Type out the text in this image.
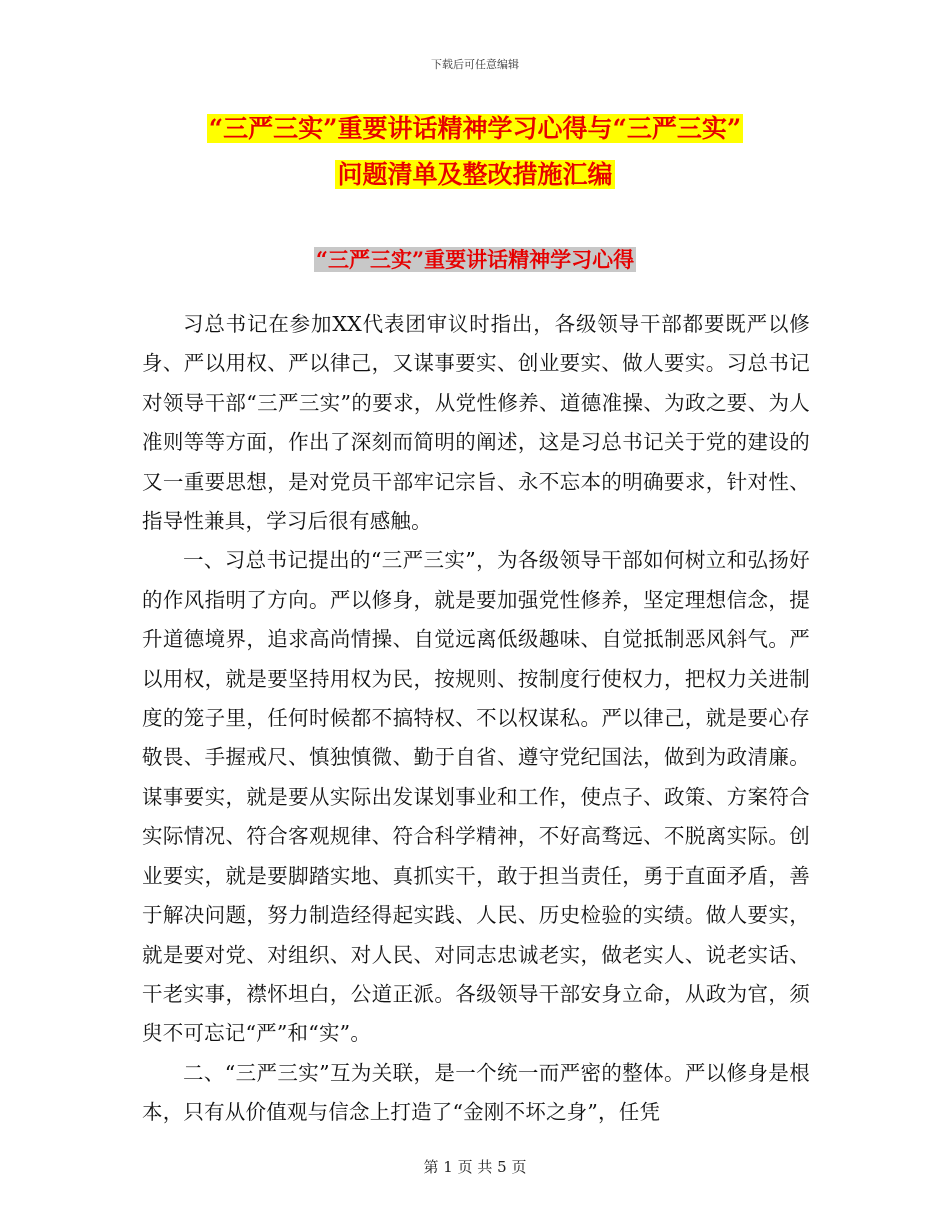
下载后可任意编辑
“三严三实”重要讲话精神学习心得与“三严三实”
问题清单及整改措施汇编
“三严三实”重要讲话精神学习心得

习总书记在参加XX代表团审议时指出，各级领导干部都要既严以修身、严以用权、严以律己，又谋事要实、创业要实、做人要实。习总书记对领导干部“三严三实”的要求，从党性修养、道德准操、为政之要、为人准则等等方面，作出了深刻而简明的阐述，这是习总书记关于党的建设的又一重要思想，是对党员干部牢记宗旨、永不忘本的明确要求，针对性、指导性兼具，学习后很有感触。

一、习总书记提出的“三严三实”，为各级领导干部如何树立和弘扬好的作风指明了方向。严以修身，就是要加强党性修养，坚定理想信念，提升道德境界，追求高尚情操、自觉远离低级趣味、自觉抵制恶风斜气。严以用权，就是要坚持用权为民，按规则、按制度行使权力，把权力关进制度的笼子里，任何时候都不搞特权、不以权谋私。严以律己，就是要心存敬畏、手握戒尺、慎独慎微、勤于自省、遵守党纪国法，做到为政清廉。谋事要实，就是要从实际出发谋划事业和工作，使点子、政策、方案符合实际情况、符合客观规律、符合科学精神，不好高骛远、不脱离实际。创业要实，就是要脚踏实地、真抓实干，敢于担当责任，勇于直面矛盾，善于解决问题，努力制造经得起实践、人民、历史检验的实绩。做人要实，就是要对党、对组织、对人民、对同志忠诚老实，做老实人、说老实话、干老实事，襟怀坦白，公道正派。各级领导干部安身立命，从政为官，须臾不可忘记“严”和“实”。

二、“三严三实”互为关联，是一个统一而严密的整体。严以修身是根本，只有从价值观与信念上打造了“金刚不坏之身”，任凭

第 1 页 共 5 页
